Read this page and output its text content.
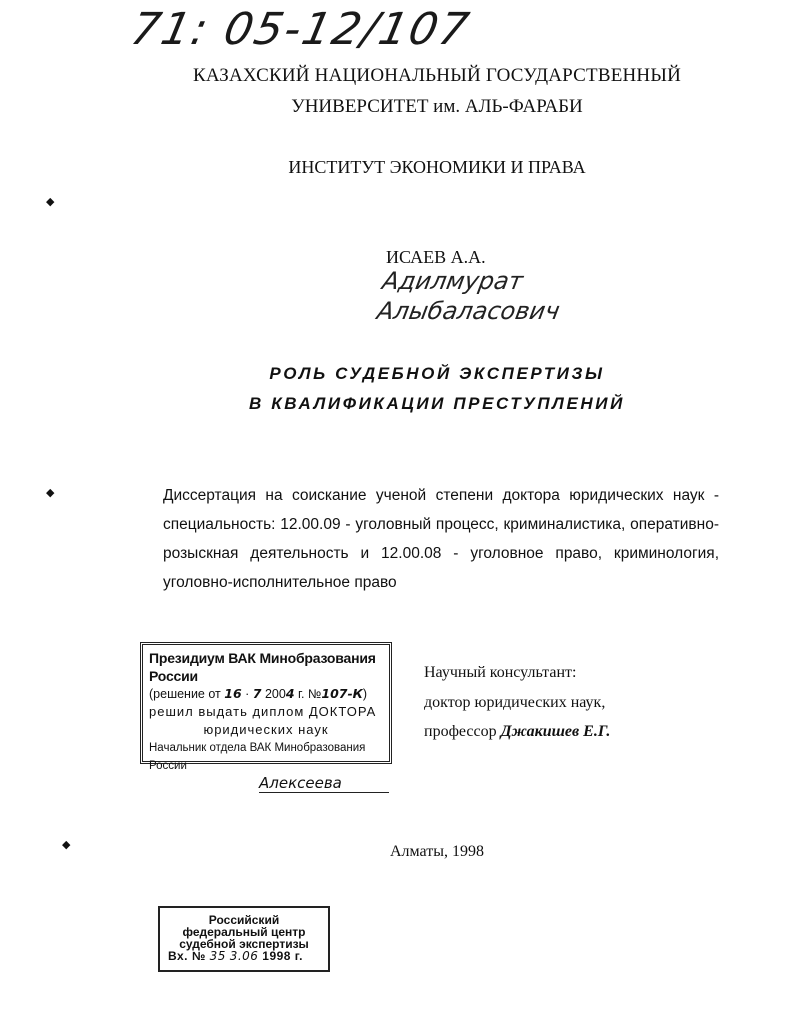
71: 05-12/107
КАЗАХСКИЙ НАЦИОНАЛЬНЫЙ ГОСУДАРСТВЕННЫЙ
УНИВЕРСИТЕТ им. АЛЬ-ФАРАБИ
ИНСТИТУТ ЭКОНОМИКИ И ПРАВА
◆
◆
◆
ИСАЕВ А.А.
Адилмурат
Алыбаласович
РОЛЬ СУДЕБНОЙ ЭКСПЕРТИЗЫ
В КВАЛИФИКАЦИИ ПРЕСТУПЛЕНИЙ
Диссертация на соискание ученой степени доктора юридических наук - специальность: 12.00.09 - уголовный процесс, криминалистика, оперативно-розыскная деятельность и 12.00.08 - уголовное право, криминология, уголовно-исполнительное право
Президиум ВАК Минобразования России
(решение от 16 · 7 2004 г. №107-К)
решил выдать диплом ДОКТОРА
юридических наук
Начальник отдела ВАК Минобразования России
Алексеева
Научный консультант:
доктор юридических наук,
профессор Джакишев Е.Г.
Алматы, 1998
Российский
федеральный центр
судебной экспертизы
Вх. № 35 3.06 1998 г.
